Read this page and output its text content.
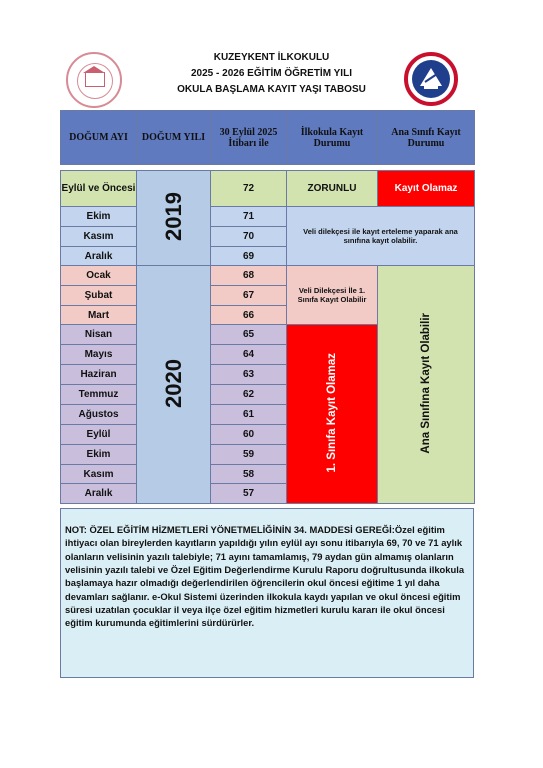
KUZEYKENT İLKOKULU
2025 - 2026 EĞİTİM ÖĞRETİM YILI
OKULA BAŞLAMA KAYIT YAŞI TABOSU
DOĞUM AYI	DOĞUM YILI	30 Eylül 2025 İtibarı ile	İlkokula Kayıt Durumu	Ana Sınıfı Kayıt Durumu

Eylül ve Öncesi	2019	72	ZORUNLU	Kayıt Olamaz
Ekim		71	Veli dilekçesi ile kayıt erteleme yaparak ana sınıfına kayıt olabilir.	
Kasım		70		
Aralık		69		
Ocak	2020	68	Veli Dilekçesi İle 1. Sınıfa Kayıt Olabilir	Ana Sınıfına Kayıt Olabilir
Şubat		67		
Mart		66		
Nisan		65	1. Sınıfa Kayıt Olamaz	
Mayıs		64		
Haziran		63		
Temmuz		62		
Ağustos		61		
Eylül		60		
Ekim		59		
Kasım		58		
Aralık		57		
NOT: ÖZEL EĞİTİM HİZMETLERİ YÖNETMELİĞİNİN 34. MADDESİ GEREĞİ:Özel eğitim ihtiyacı olan bireylerden kayıtların yapıldığı yılın eylül ayı sonu itibarıyla 69, 70 ve 71 aylık olanların velisinin yazılı talebiyle; 71 ayını tamamlamış, 79 aydan gün almamış olanların velisinin yazılı talebi ve Özel Eğitim Değerlendirme Kurulu Raporu doğrultusunda ilkokula başlamaya hazır olmadığı değerlendirilen öğrencilerin okul öncesi eğitime 1 yıl daha devamları sağlanır. e-Okul Sistemi üzerinden ilkokula kaydı yapılan ve okul öncesi eğitim süresi uzatılan çocuklar il veya ilçe özel eğitim hizmetleri kurulu kararı ile okul öncesi eğitim kurumunda eğitimlerini sürdürürler.
